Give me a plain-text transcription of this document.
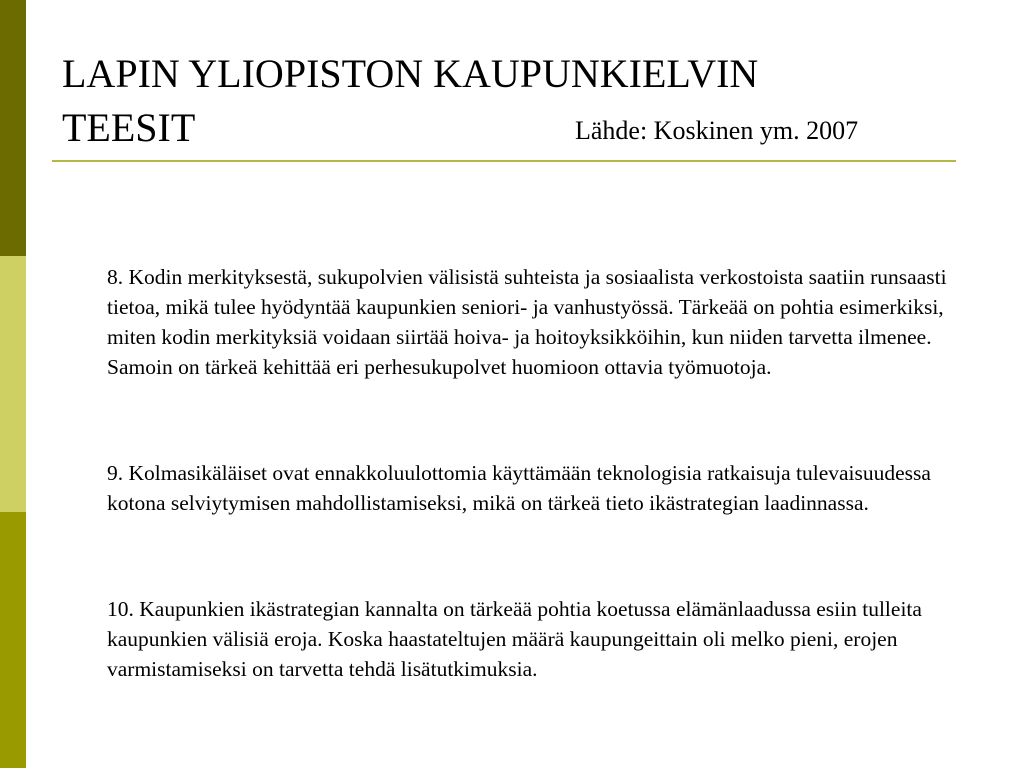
LAPIN YLIOPISTON KAUPUNKIELVIN
TEESIT	Lähde: Koskinen ym. 2007

8. Kodin merkityksestä, sukupolvien välisistä suhteista ja sosiaalista verkostoista saatiin runsaasti tietoa, mikä tulee hyödyntää kaupunkien seniori- ja vanhustyössä. Tärkeää on pohtia esimerkiksi, miten kodin merkityksiä voidaan siirtää hoiva- ja hoitoyksikköihin, kun niiden tarvetta ilmenee. Samoin on tärkeä kehittää eri perhesukupolvet huomioon ottavia työmuotoja.

9. Kolmasikäläiset ovat ennakkoluulottomia käyttämään teknologisia ratkaisuja tulevaisuudessa kotona selviytymisen mahdollistamiseksi, mikä on tärkeä tieto ikästrategian laadinnassa.

10. Kaupunkien ikästrategian kannalta on tärkeää pohtia koetussa elämänlaadussa esiin tulleita kaupunkien välisiä eroja. Koska haastateltujen määrä kaupungeittain oli melko pieni, erojen varmistamiseksi on tarvetta tehdä lisätutkimuksia.
